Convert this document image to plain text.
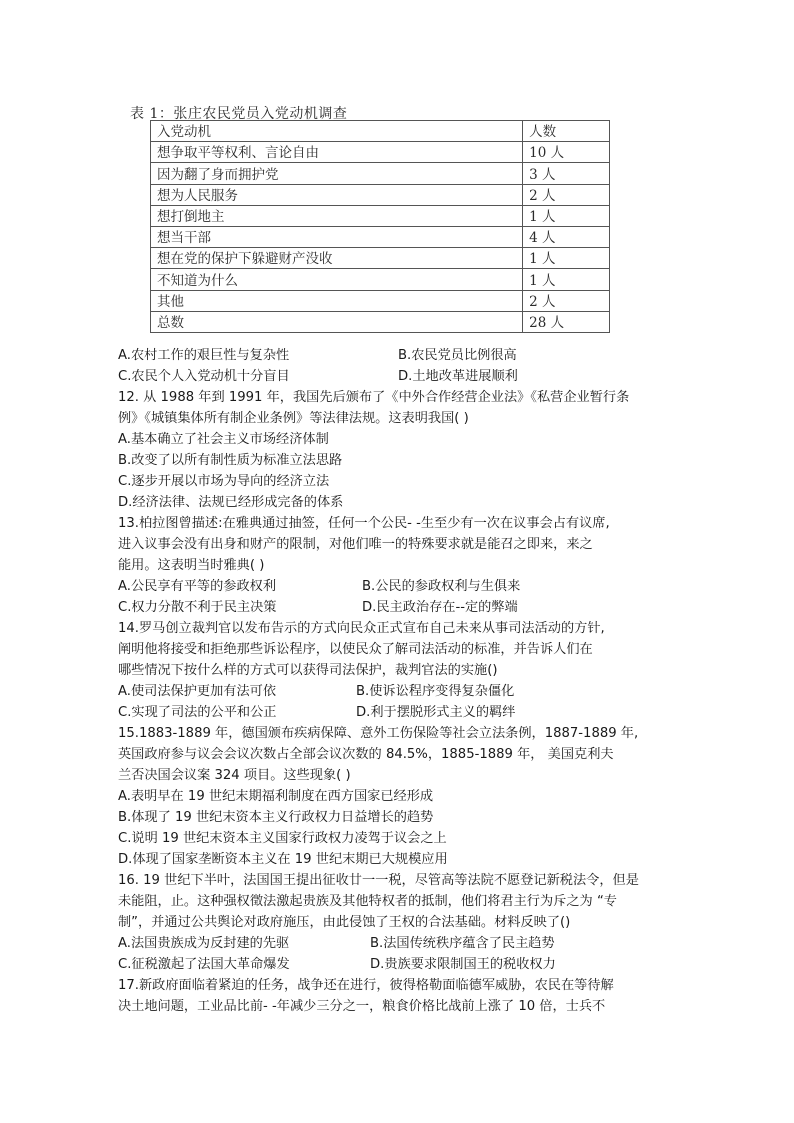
表 1：张庄农民党员入党动机调查
入党动机	人数
想争取平等权利、言论自由	10 人
因为翻了身而拥护党	3 人
想为人民服务	2 人
想打倒地主	1 人
想当干部	4 人
想在党的保护下躲避财产没收	1 人
不知道为什么	1 人
其他	2 人
总数	28 人
A.农村工作的艰巨性与复杂性	B.农民党员比例很高
C.农民个人入党动机十分盲目	D.土地改革进展顺利
12. 从 1988 年到 1991 年，我国先后颁布了《中外合作经营企业法》《私营企业暂行条
例》《城镇集体所有制企业条例》等法律法规。这表明我国( )
A.基本确立了社会主义市场经济体制
B.改变了以所有制性质为标准立法思路
C.逐步开展以市场为导向的经济立法
D.经济法律、法规已经形成完备的体系
13.柏拉图曾描述:在雅典通过抽签，任何一个公民- -生至少有一次在议事会占有议席,
进入议事会没有出身和财产的限制，对他们唯一的特殊要求就是能召之即来，来之
能用。这表明当时雅典( )
A.公民享有平等的参政权利	B.公民的参政权利与生俱来
C.权力分散不利于民主决策	D.民主政治存在--定的弊端
14.罗马创立裁判官以发布告示的方式向民众正式宣布自己未来从事司法活动的方针,
阐明他将接受和拒绝那些诉讼程序，以使民众了解司法活动的标准，并告诉人们在
哪些情况下按什么样的方式可以获得司法保护，裁判官法的实施()
A.使司法保护更加有法可依	B.使诉讼程序变得复杂僵化
C.实现了司法的公平和公正	D.利于摆脱形式主义的羁绊
15.1883-1889 年，德国颁布疾病保障、意外工伤保险等社会立法条例，1887-1889 年,
英国政府参与议会会议次数占全部会议次数的 84.5%，1885-1889 年， 美国克利夫
兰否决国会议案 324 项目。这些现象( )
A.表明早在 19 世纪末期福利制度在西方国家已经形成
B.体现了 19 世纪末资本主义行政权力日益增长的趋势
C.说明 19 世纪末资本主义国家行政权力凌驾于议会之上
D.体现了国家垄断资本主义在 19 世纪末期已大规模应用
16. 19 世纪下半叶，法国国王提出征收廿一一税，尽管高等法院不愿登记新税法令，但是
未能阻，止。这种强权徵法激起贵族及其他特权者的抵制，他们将君主行为斥之为 “专
制”，并通过公共舆论对政府施压，由此侵蚀了王权的合法基础。材料反映了()
A.法国贵族成为反封建的先驱	B.法国传统秩序蕴含了民主趋势
C.征税激起了法国大革命爆发	D.贵族要求限制国王的税收权力
17.新政府面临着紧迫的任务，战争还在进行，彼得格勒面临德军威胁，农民在等待解
决土地问题，工业品比前- -年减少三分之一，粮食价格比战前上涨了 10 倍，士兵不
